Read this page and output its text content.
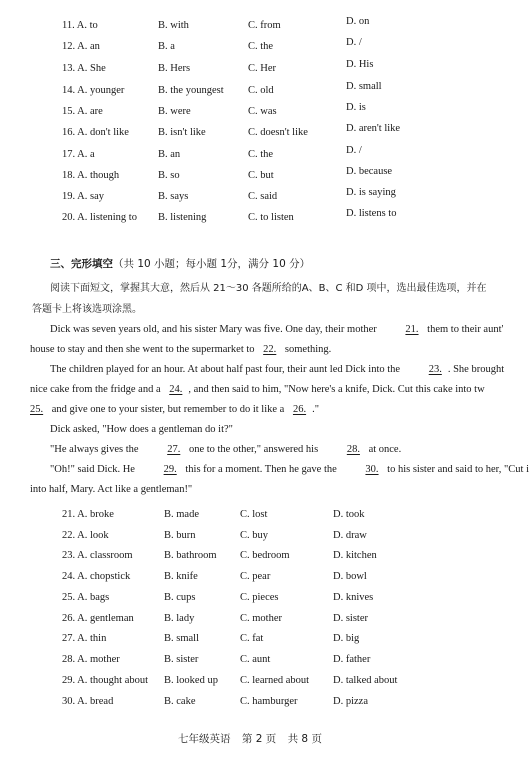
11. A. to	B. with	C. from	D. on
12. A. an	B. a	C. the	D. /
13. A. She	B. Hers	C. Her	D. His
14. A. younger	B. the youngest C. old	D. small
15. A. are	B. were	C. was	D. is
16. A. don't like	B. isn't like	C. doesn't like	D. aren't like
17. A. a	B. an	C. the	D. /
18. A. though	B. so	C. but	D. because
19. A. say	B. says	C. said	D. is saying
20. A. listening to B. listening	C. to listen	D. listens to
三、完形填空（共 10 小题；每小题 1分，满分 10 分）
阅读下面短文，掌握其大意，然后从 21～30 各题所给的A、B、C 和D 项中，选出最佳选项，并在
答题卡上将该选项涂黑。

Dick was seven years old, and his sister Mary was five. One day, their mother 21. them to their aunt'

house to stay and then she went to the supermarket to 22. something.

The children played for an hour. At about half past four, their aunt led Dick into the 23. . She brought

nice cake from the fridge and a 24. , and then said to him, "Now here's a knife, Dick. Cut this cake into tw

25. and give one to your sister, but remember to do it like a 26. ."

Dick asked, "How does a gentleman do it?"

"He always gives the 27. one to the other," answered his 28. at once.

"Oh!" said Dick. He 29. this for a moment. Then he gave the 30. to his sister and said to her, "Cut i

into half, Mary. Act like a gentleman!"

21. A. broke	B. made	C. lost	D. took
22. A. look	B. burn	C. buy	D. draw
23. A. classroom	B. bathroom C. bedroom	D. kitchen
24. A. chopstick	B. knife	C. pear	D. bowl
25. A. bags	B. cups	C. pieces	D. knives
26. A. gentleman	B. lady	C. mother	D. sister
27. A. thin	B. small	C. fat	D. big
28. A. mother	B. sister	C. aunt	D. father
29. A. thought about B. looked up C. learned about D. talked about
30. A. bread	B. cake	C. hamburger	D. pizza
七年级英语 第 2 页 共 8 页
